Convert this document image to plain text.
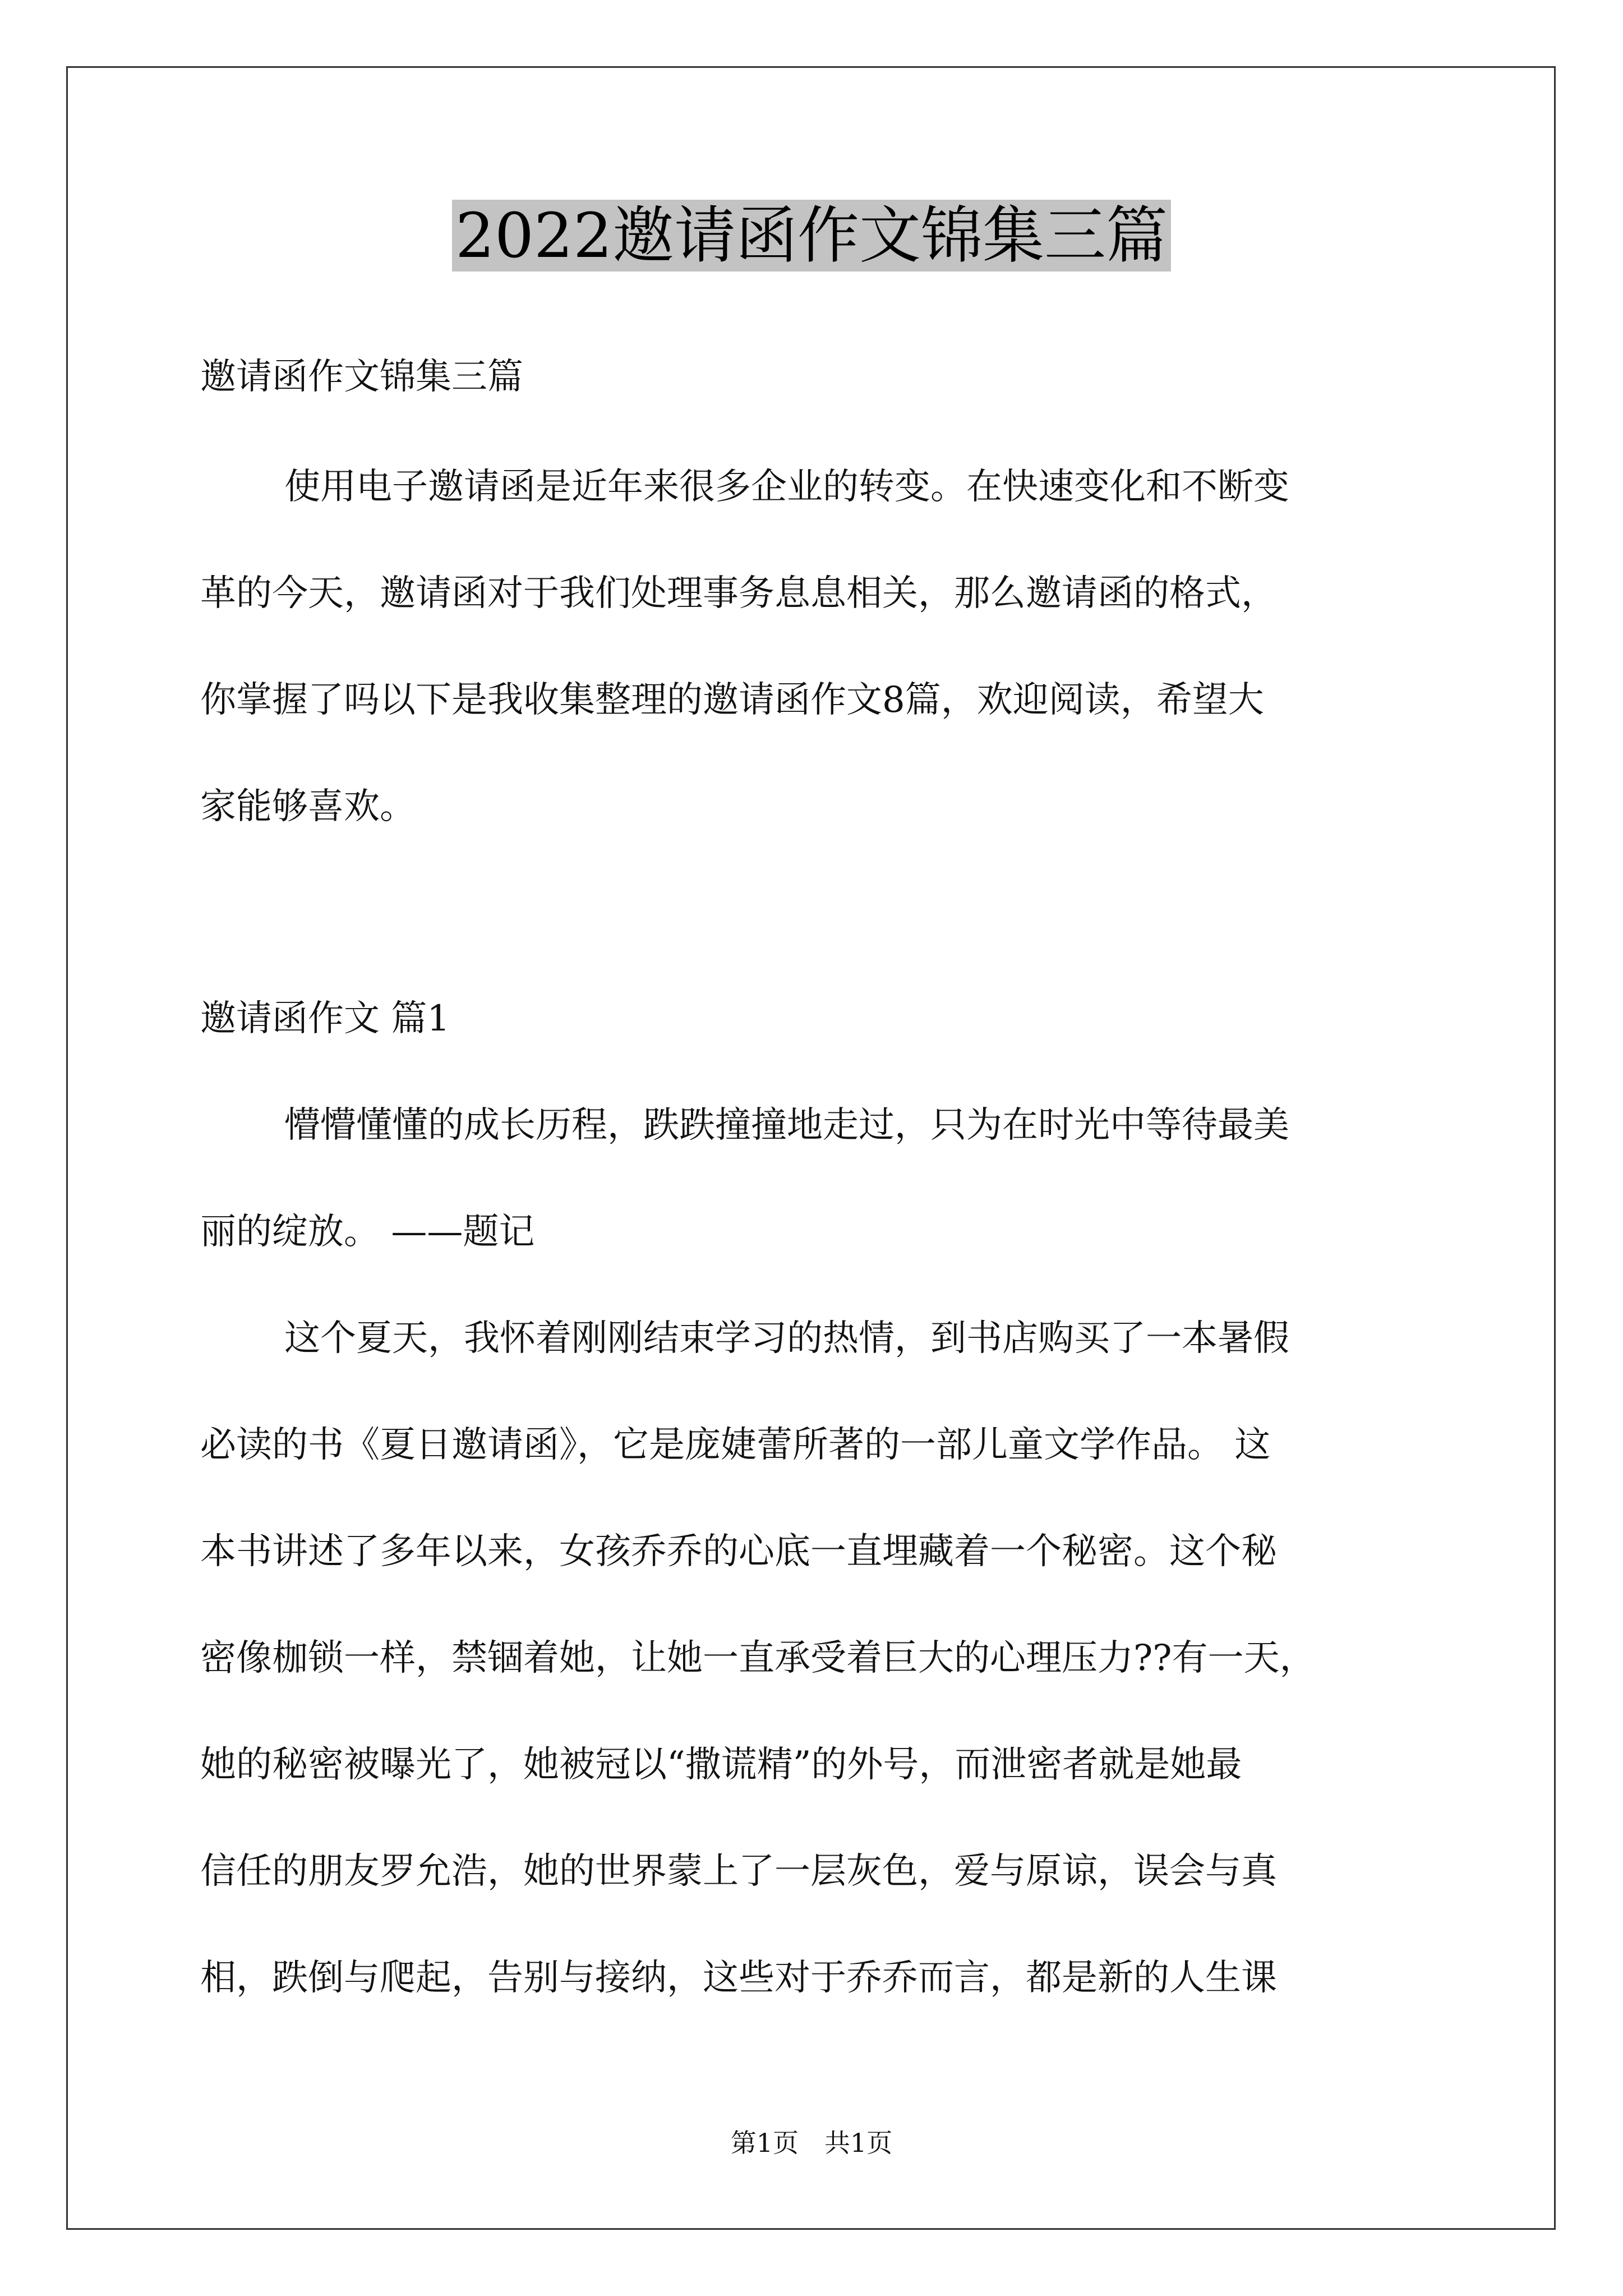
2022邀请函作文锦集三篇

邀请函作文锦集三篇

使用电子邀请函是近年来很多企业的转变。在快速变化和不断变

革的今天，邀请函对于我们处理事务息息相关，那么邀请函的格式，

你掌握了吗以下是我收集整理的邀请函作文8篇，欢迎阅读，希望大

家能够喜欢。

邀请函作文 篇1

懵懵懂懂的成长历程，跌跌撞撞地走过，只为在时光中等待最美

丽的绽放。 ——题记

这个夏天，我怀着刚刚结束学习的热情，到书店购买了一本暑假

必读的书《夏日邀请函》，它是庞婕蕾所著的一部儿童文学作品。 这

本书讲述了多年以来，女孩乔乔的心底一直埋藏着一个秘密。这个秘

密像枷锁一样，禁锢着她，让她一直承受着巨大的心理压力??有一天，

她的秘密被曝光了，她被冠以“撒谎精”的外号，而泄密者就是她最

信任的朋友罗允浩，她的世界蒙上了一层灰色，爱与原谅，误会与真

相，跌倒与爬起，告别与接纳，这些对于乔乔而言，都是新的人生课

第1页　共1页
